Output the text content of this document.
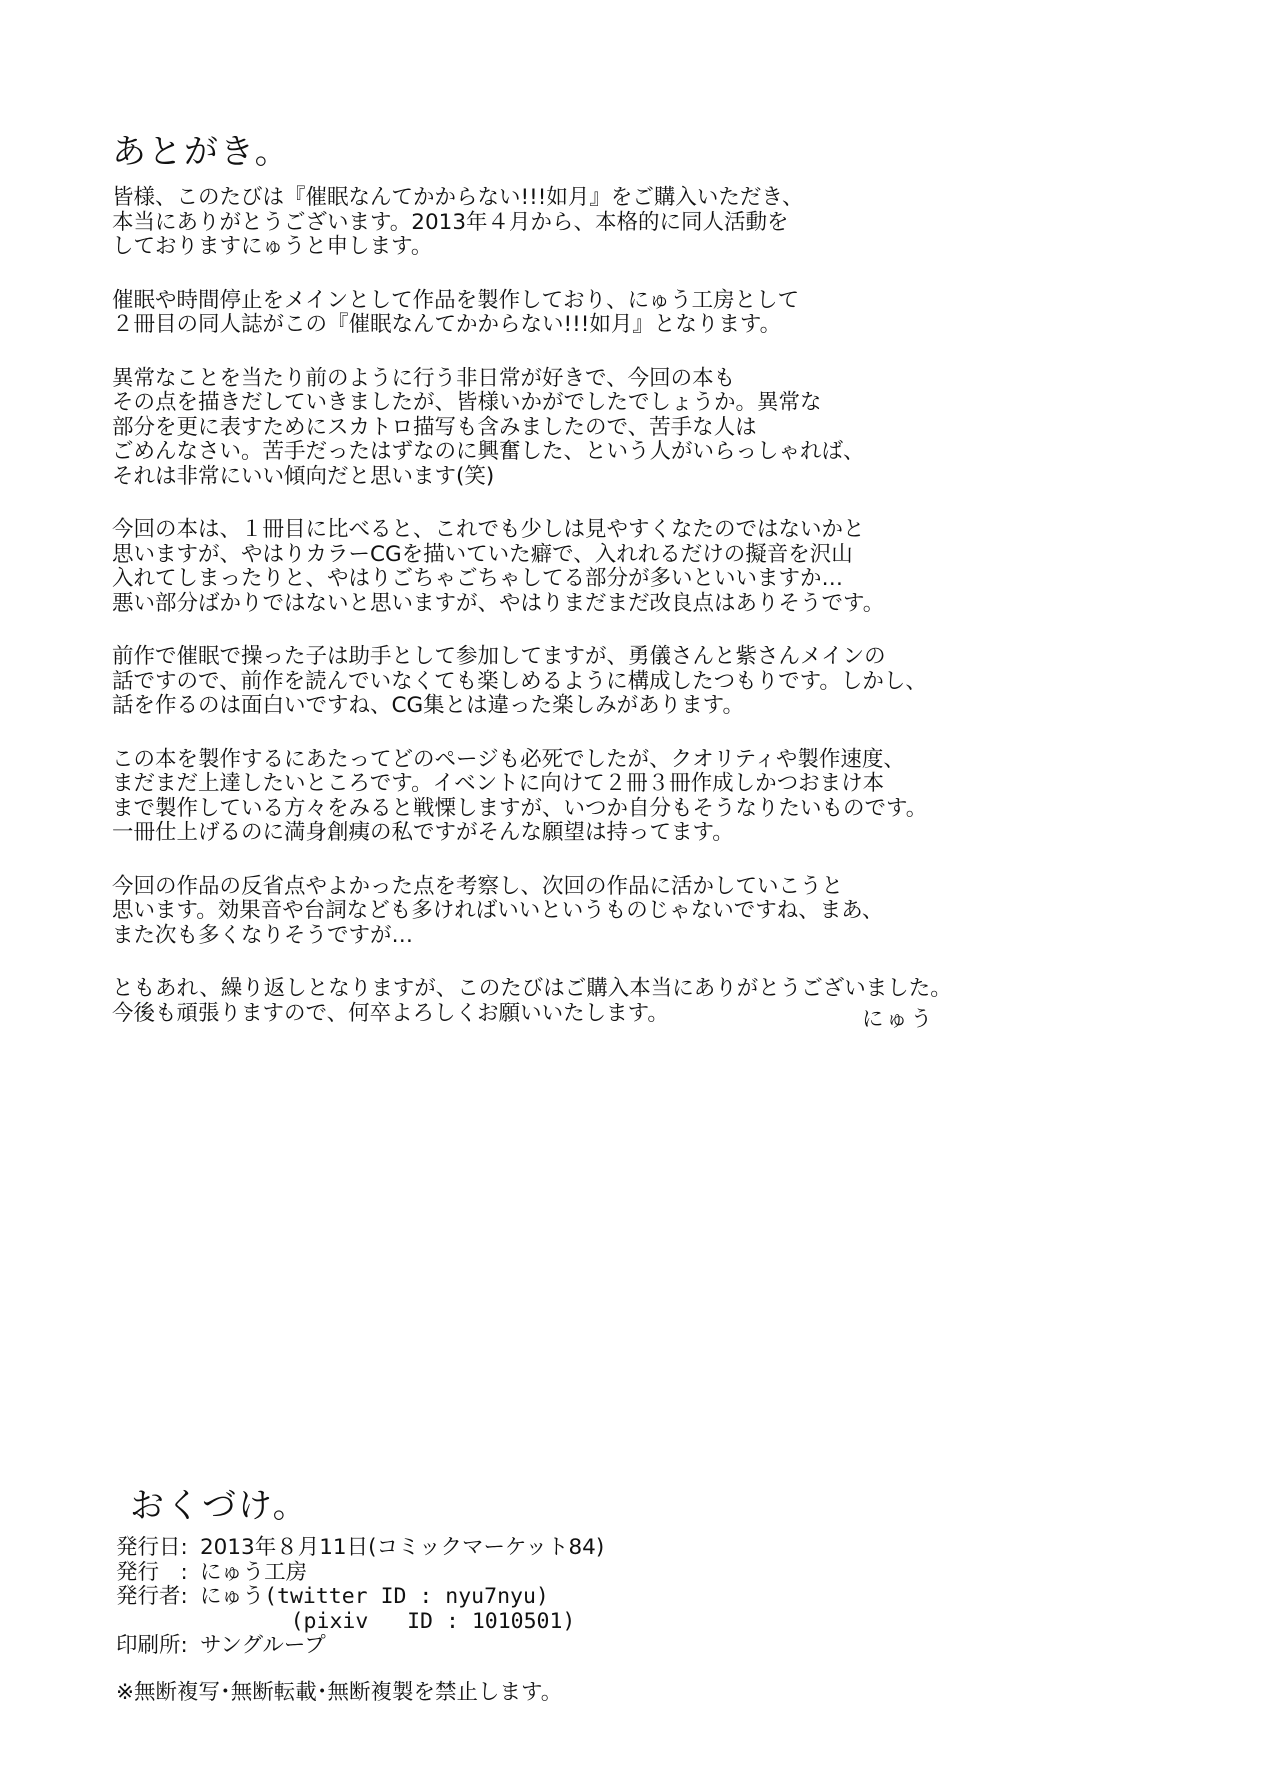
あとがき。
皆様、このたびは『催眠なんてかからない!!!如月』をご購入いただき、
本当にありがとうございます。2013年４月から、本格的に同人活動を
しておりますにゅうと申します。
催眠や時間停止をメインとして作品を製作しており、にゅう工房として
２冊目の同人誌がこの『催眠なんてかからない!!!如月』となります。
異常なことを当たり前のように行う非日常が好きで、今回の本も
その点を描きだしていきましたが、皆様いかがでしたでしょうか。異常な
部分を更に表すためにスカトロ描写も含みましたので、苦手な人は
ごめんなさい。苦手だったはずなのに興奮した、という人がいらっしゃれば、
それは非常にいい傾向だと思います(笑)
今回の本は、１冊目に比べると、これでも少しは見やすくなたのではないかと
思いますが、やはりカラーCGを描いていた癖で、入れれるだけの擬音を沢山
入れてしまったりと、やはりごちゃごちゃしてる部分が多いといいますか…
悪い部分ばかりではないと思いますが、やはりまだまだ改良点はありそうです。
前作で催眠で操った子は助手として参加してますが、勇儀さんと紫さんメインの
話ですので、前作を読んでいなくても楽しめるように構成したつもりです。しかし、
話を作るのは面白いですね、CG集とは違った楽しみがあります。
この本を製作するにあたってどのページも必死でしたが、クオリティや製作速度、
まだまだ上達したいところです。イベントに向けて２冊３冊作成しかつおまけ本
まで製作している方々をみると戦慄しますが、いつか自分もそうなりたいものです。
一冊仕上げるのに満身創痍の私ですがそんな願望は持ってます。
今回の作品の反省点やよかった点を考察し、次回の作品に活かしていこうと
思います。効果音や台詞なども多ければいいというものじゃないですね、まあ、
また次も多くなりそうですが…
ともあれ、繰り返しとなりますが、このたびはご購入本当にありがとうございました。
今後も頑張りますので、何卒よろしくお願いいたします。	にゅう
おくづけ。
発行日: 2013年８月11日(コミックマーケット84)
発行　: にゅう工房
発行者: にゅう(twitter ID : nyu7nyu)
(pixiv   ID : 1010501)
印刷所: サングループ
※無断複写･無断転載･無断複製を禁止します。
